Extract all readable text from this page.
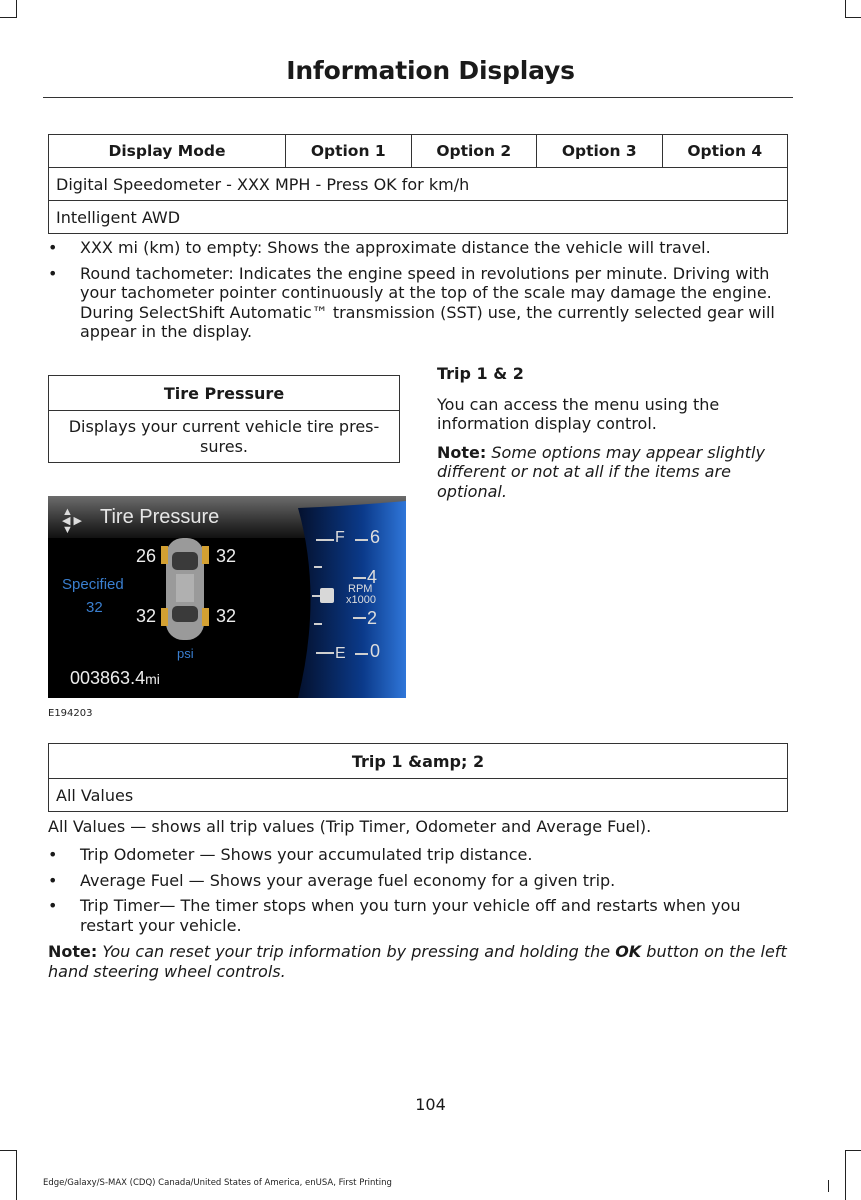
Information Displays
Display Mode	Option 1	Option 2	Option 3	Option 4
Digital Speedometer - XXX MPH - Press OK for km/h
Intelligent AWD
• XXX mi (km) to empty: Shows the approximate distance the vehicle will travel.
• Round tachometer: Indicates the engine speed in revolutions per minute. Driving with your tachometer pointer continuously at the top of the scale may damage the engine. During SelectShift Automatic™ transmission (SST) use, the currently selected gear will appear in the display.
Tire Pressure
Displays your current vehicle tire pres-sures.
Trip 1 & 2

You can access the menu using the information display control.

Note: Some options may appear slightly different or not at all if the items are optional.

▲
◀ ▶
▼
Tire Pressure
26	32
32	32
Specified
32
psi
003863.4mi
F
E
6
4
2
0
RPM
x1000
E194203
Trip 1 &amp; 2
All Values
All Values — shows all trip values (Trip Timer, Odometer and Average Fuel).
• Trip Odometer — Shows your accumulated trip distance.
• Average Fuel — Shows your average fuel economy for a given trip.
• Trip Timer— The timer stops when you turn your vehicle off and restarts when you restart your vehicle.
Note: You can reset your trip information by pressing and holding the OK button on the left hand steering wheel controls.
104
Edge/Galaxy/S-MAX (CDQ) Canada/United States of America, enUSA, First Printing
